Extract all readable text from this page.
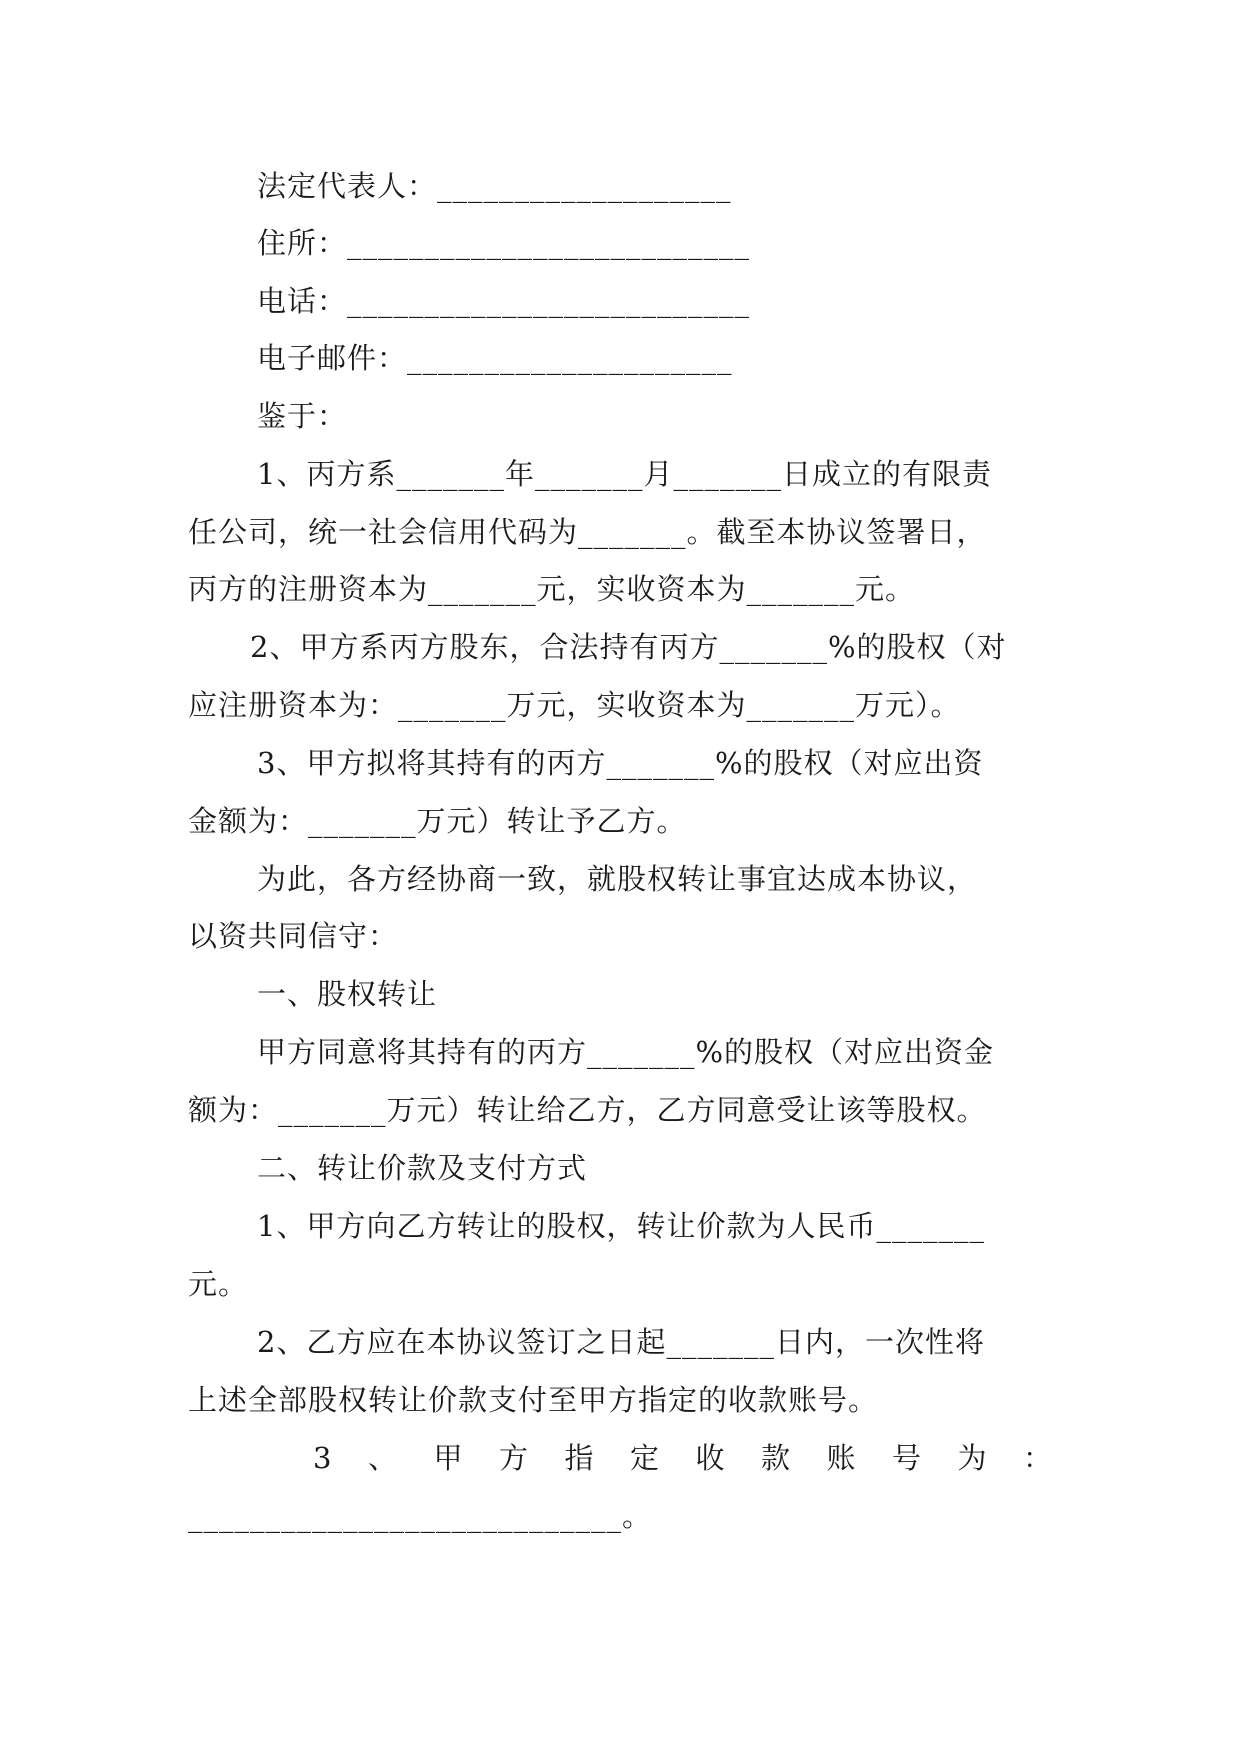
法定代表人：___________________
住所：__________________________
电话：__________________________
电子邮件：_____________________
鉴于：
1、丙方系_______年_______月_______日成立的有限责
任公司，统一社会信用代码为_______。截至本协议签署日，
丙方的注册资本为_______元，实收资本为_______元。
2、甲方系丙方股东，合法持有丙方_______%的股权（对
应注册资本为：_______万元，实收资本为_______万元）。
3、甲方拟将其持有的丙方_______%的股权（对应出资
金额为：_______万元）转让予乙方。
为此，各方经协商一致，就股权转让事宜达成本协议，
以资共同信守：
一、股权转让
甲方同意将其持有的丙方_______%的股权（对应出资金
额为：_______万元）转让给乙方，乙方同意受让该等股权。
二、转让价款及支付方式
1、甲方向乙方转让的股权，转让价款为人民币_______
元。
2、乙方应在本协议签订之日起_______日内，一次性将
上述全部股权转让价款支付至甲方指定的收款账号。
3 、 甲 方 指 定 收 款 账 号 为 ：
____________________________。
